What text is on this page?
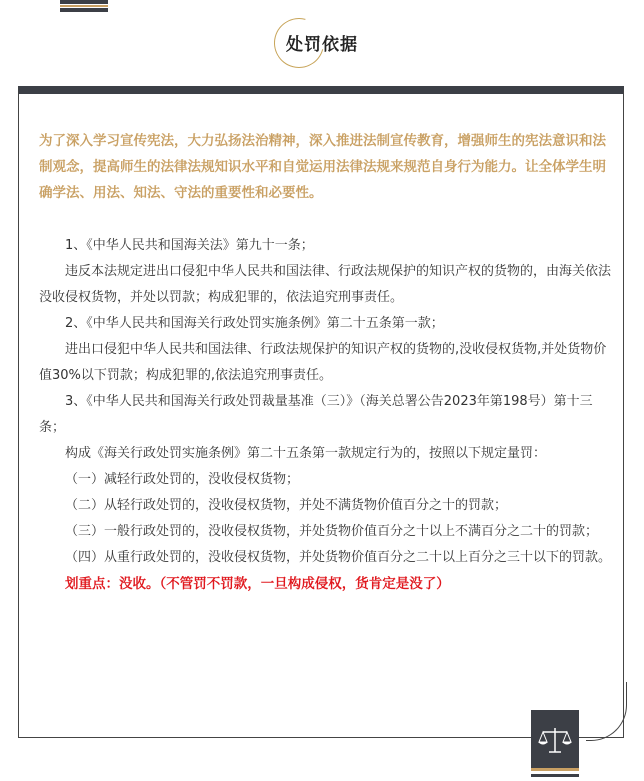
处罚依据
为了深入学习宣传宪法，大力弘扬法治精神，深入推进法制宣传教育，增强师生的宪法意识和法制观念，提高师生的法律法规知识水平和自觉运用法律法规来规范自身行为能力。让全体学生明确学法、用法、知法、守法的重要性和必要性。

1、《中华人民共和国海关法》第九十一条；

违反本法规定进出口侵犯中华人民共和国法律、行政法规保护的知识产权的货物的，由海关依法没收侵权货物，并处以罚款；构成犯罪的，依法追究刑事责任。

2、《中华人民共和国海关行政处罚实施条例》第二十五条第一款；

进出口侵犯中华人民共和国法律、行政法规保护的知识产权的货物的,没收侵权货物,并处货物价值30%以下罚款；构成犯罪的,依法追究刑事责任。

3、《中华人民共和国海关行政处罚裁量基准（三）》（海关总署公告2023年第198号）第十三条；

构成《海关行政处罚实施条例》第二十五条第一款规定行为的，按照以下规定量罚：

（一）减轻行政处罚的，没收侵权货物；

（二）从轻行政处罚的，没收侵权货物，并处不满货物价值百分之十的罚款；

（三）一般行政处罚的，没收侵权货物，并处货物价值百分之十以上不满百分之二十的罚款；

（四）从重行政处罚的，没收侵权货物，并处货物价值百分之二十以上百分之三十以下的罚款。

划重点：没收。（不管罚不罚款，一旦构成侵权，货肯定是没了）
